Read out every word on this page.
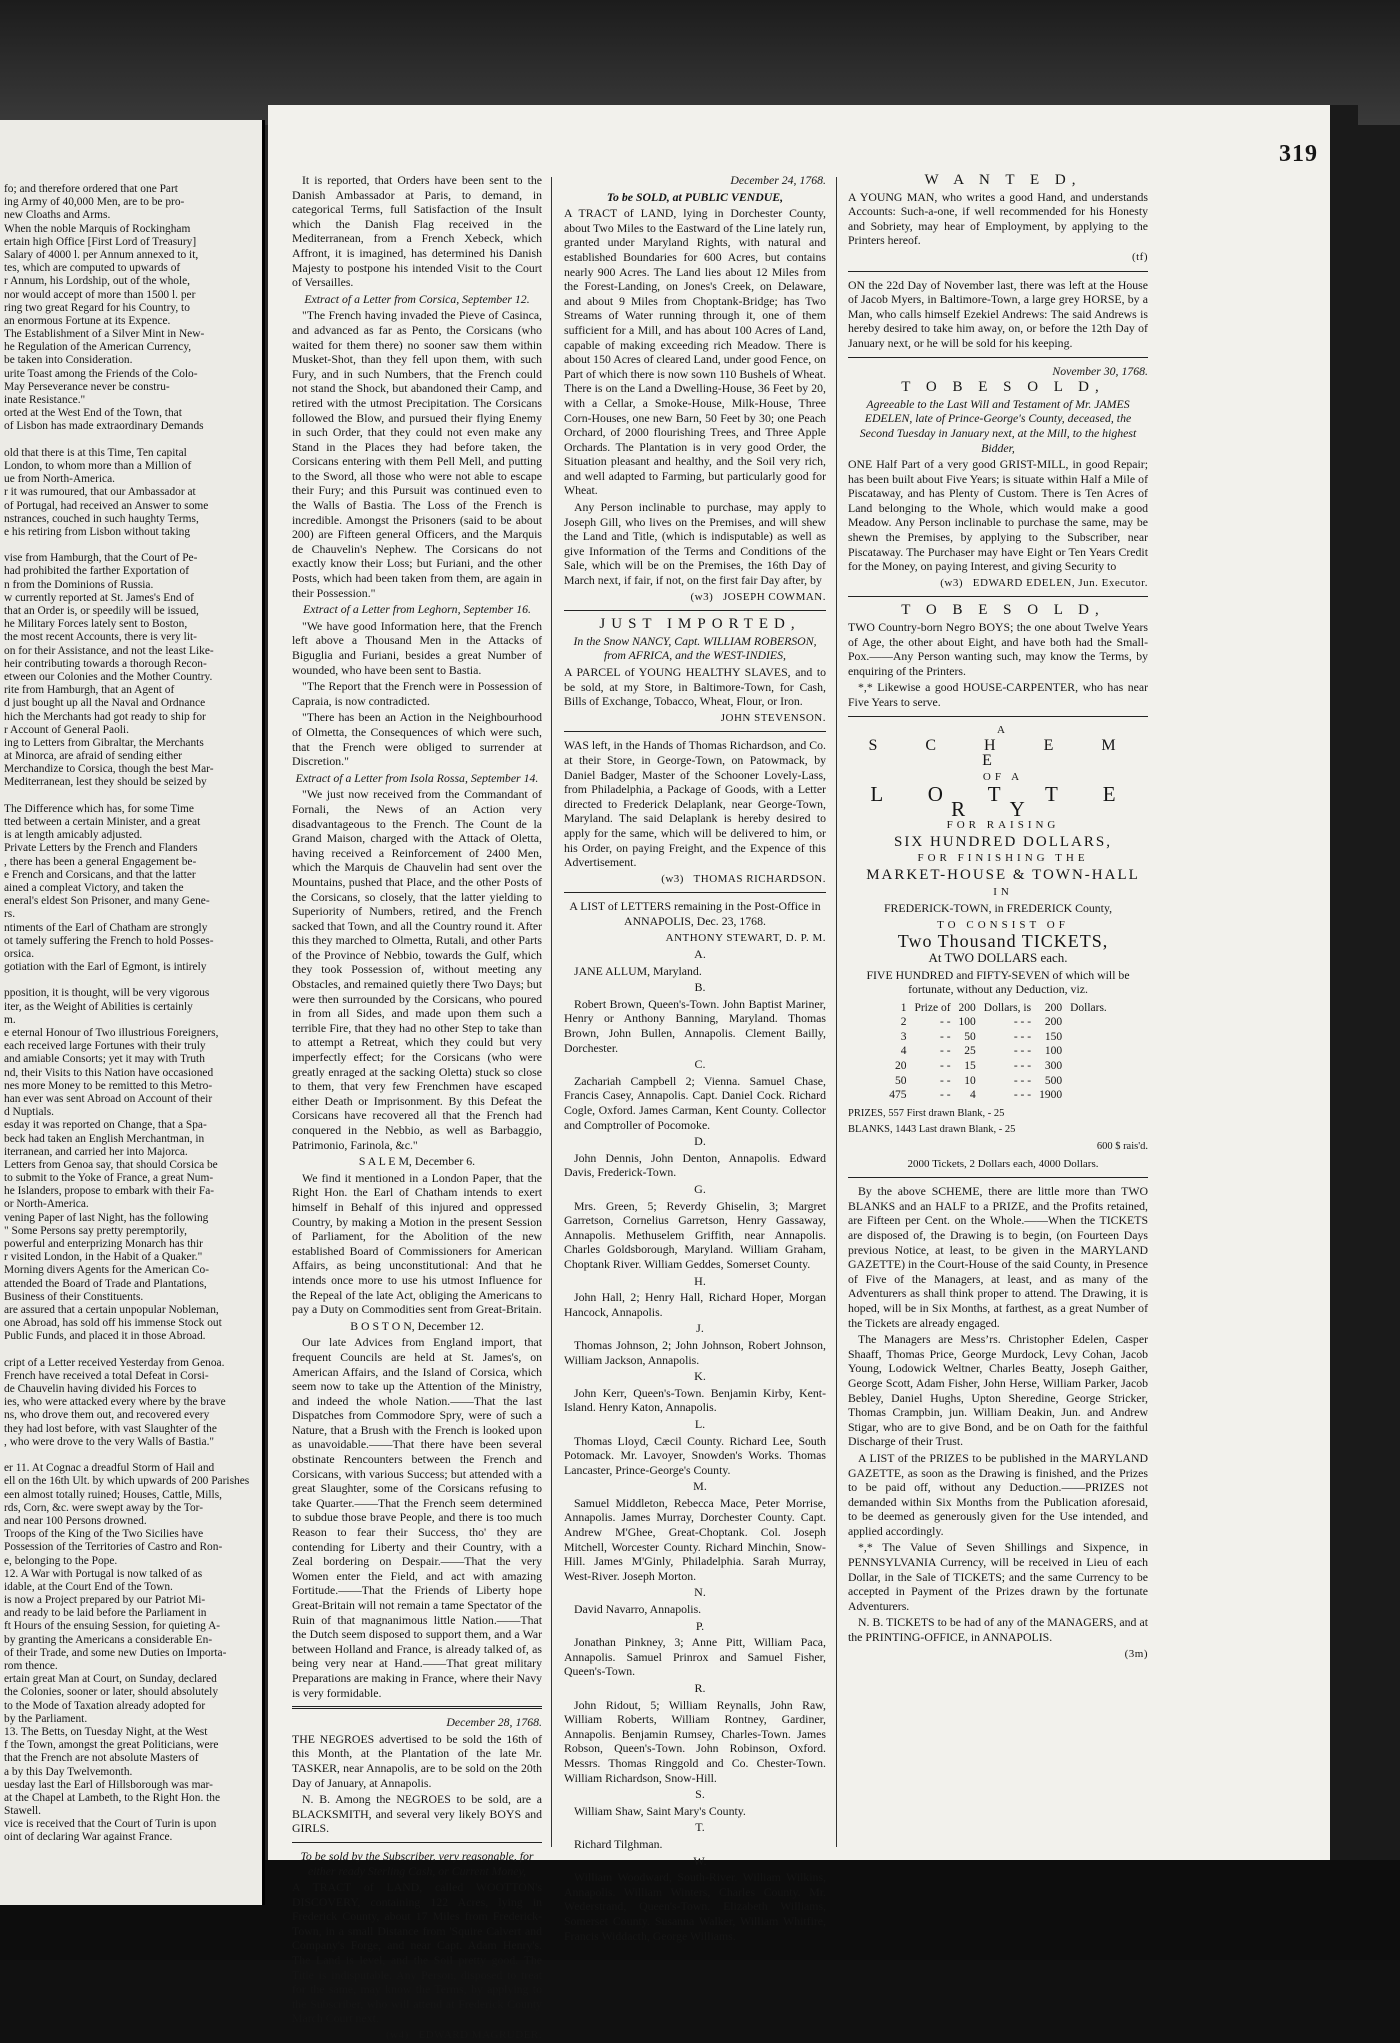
fo; and therefore ordered that one Part
ing Army of 40,000 Men, are to be pro-
new Cloaths and Arms.
When the noble Marquis of Rockingham
ertain high Office [First Lord of Treasury]
Salary of 4000 l. per Annum annexed to it,
tes, which are computed to upwards of
r Annum, his Lordship, out of the whole,
nor would accept of more than 1500 l. per
ring two great Regard for his Country, to
an enormous Fortune at its Expence.
The Establishment of a Silver Mint in New-
he Regulation of the American Currency,
be taken into Consideration.
urite Toast among the Friends of the Colo-
May Perseverance never be constru-
inate Resistance."
orted at the West End of the Town, that
of Lisbon has made extraordinary Demands
old that there is at this Time, Ten capital
London, to whom more than a Million of
ue from North-America.
r it was rumoured, that our Ambassador at
of Portugal, had received an Answer to some
nstrances, couched in such haughty Terms,
e his retiring from Lisbon without taking
vise from Hamburgh, that the Court of Pe-
had prohibited the farther Exportation of
n from the Dominions of Russia.
w currently reported at St. James's End of
that an Order is, or speedily will be issued,
he Military Forces lately sent to Boston,
the most recent Accounts, there is very lit-
on for their Assistance, and not the least Like-
heir contributing towards a thorough Recon-
etween our Colonies and the Mother Country.
rite from Hamburgh, that an Agent of
d just bought up all the Naval and Ordnance
hich the Merchants had got ready to ship for
r Account of General Paoli.
ing to Letters from Gibraltar, the Merchants
at Minorca, are afraid of sending either
Merchandize to Corsica, though the best Mar-
Mediterranean, lest they should be seized by
The Difference which has, for some Time
tted between a certain Minister, and a great
is at length amicably adjusted.
Private Letters by the French and Flanders
, there has been a general Engagement be-
e French and Corsicans, and that the latter
ained a compleat Victory, and taken the
eneral's eldest Son Prisoner, and many Gene-
rs.
ntiments of the Earl of Chatham are strongly
ot tamely suffering the French to hold Posses-
orsica.
gotiation with the Earl of Egmont, is intirely
pposition, it is thought, will be very vigorous
iter, as the Weight of Abilities is certainly
m.
e eternal Honour of Two illustrious Foreigners,
each received large Fortunes with their truly
and amiable Consorts; yet it may with Truth
nd, their Visits to this Nation have occasioned
nes more Money to be remitted to this Metro-
han ever was sent Abroad on Account of their
d Nuptials.
esday it was reported on Change, that a Spa-
beck had taken an English Merchantman, in
iterranean, and carried her into Majorca.
Letters from Genoa say, that should Corsica be
to submit to the Yoke of France, a great Num-
he Islanders, propose to embark with their Fa-
or North-America.
vening Paper of last Night, has the following
" Some Persons say pretty peremptorily,
powerful and enterprizing Monarch has thir
r visited London, in the Habit of a Quaker."
Morning divers Agents for the American Co-
attended the Board of Trade and Plantations,
Business of their Constituents.
are assured that a certain unpopular Nobleman,
one Abroad, has sold off his immense Stock out
Public Funds, and placed it in those Abroad.
cript of a Letter received Yesterday from Genoa.
French have received a total Defeat in Corsi-
de Chauvelin having divided his Forces to
ies, who were attacked every where by the brave
ns, who drove them out, and recovered every
they had lost before, with vast Slaughter of the
, who were drove to the very Walls of Bastia."
er 11. At Cognac a dreadful Storm of Hail and
ell on the 16th Ult. by which upwards of 200 Parishes
een almost totally ruined; Houses, Cattle, Mills,
rds, Corn, &c. were swept away by the Tor-
and near 100 Persons drowned.
Troops of the King of the Two Sicilies have
Possession of the Territories of Castro and Ron-
e, belonging to the Pope.
12. A War with Portugal is now talked of as
idable, at the Court End of the Town.
is now a Project prepared by our Patriot Mi-
and ready to be laid before the Parliament in
ft Hours of the ensuing Session, for quieting A-
by granting the Americans a considerable En-
of their Trade, and some new Duties on Importa-
rom thence.
ertain great Man at Court, on Sunday, declared
the Colonies, sooner or later, should absolutely
to the Mode of Taxation already adopted for
by the Parliament.
13. The Betts, on Tuesday Night, at the West
f the Town, amongst the great Politicians, were
that the French are not absolute Masters of
a by this Day Twelvemonth.
uesday last the Earl of Hillsborough was mar-
at the Chapel at Lambeth, to the Right Hon. the
Stawell.
vice is received that the Court of Turin is upon
oint of declaring War against France.
319

It is reported, that Orders have been sent to the Danish Ambassador at Paris, to demand, in categorical Terms, full Satisfaction of the Insult which the Danish Flag received in the Mediterranean, from a French Xebeck, which Affront, it is imagined, has determined his Danish Majesty to postpone his intended Visit to the Court of Versailles.

Extract of a Letter from Corsica, September 12.

"The French having invaded the Pieve of Casinca, and advanced as far as Pento, the Corsicans (who waited for them there) no sooner saw them within Musket-Shot, than they fell upon them, with such Fury, and in such Numbers, that the French could not stand the Shock, but abandoned their Camp, and retired with the utmost Precipitation. The Corsicans followed the Blow, and pursued their flying Enemy in such Order, that they could not even make any Stand in the Places they had before taken, the Corsicans entering with them Pell Mell, and putting to the Sword, all those who were not able to escape their Fury; and this Pursuit was continued even to the Walls of Bastia. The Loss of the French is incredible. Amongst the Prisoners (said to be about 200) are Fifteen general Officers, and the Marquis de Chauvelin's Nephew. The Corsicans do not exactly know their Loss; but Furiani, and the other Posts, which had been taken from them, are again in their Possession."

Extract of a Letter from Leghorn, September 16.

"We have good Information here, that the French left above a Thousand Men in the Attacks of Biguglia and Furiani, besides a great Number of wounded, who have been sent to Bastia.

"The Report that the French were in Possession of Capraia, is now contradicted.

"There has been an Action in the Neighbourhood of Olmetta, the Consequences of which were such, that the French were obliged to surrender at Discretion."

Extract of a Letter from Isola Rossa, September 14.

"We just now received from the Commandant of Fornali, the News of an Action very disadvantageous to the French. The Count de la Grand Maison, charged with the Attack of Oletta, having received a Reinforcement of 2400 Men, which the Marquis de Chauvelin had sent over the Mountains, pushed that Place, and the other Posts of the Corsicans, so closely, that the latter yielding to Superiority of Numbers, retired, and the French sacked that Town, and all the Country round it. After this they marched to Olmetta, Rutali, and other Parts of the Province of Nebbio, towards the Gulf, which they took Possession of, without meeting any Obstacles, and remained quietly there Two Days; but were then surrounded by the Corsicans, who poured in from all Sides, and made upon them such a terrible Fire, that they had no other Step to take than to attempt a Retreat, which they could but very imperfectly effect; for the Corsicans (who were greatly enraged at the sacking Oletta) stuck so close to them, that very few Frenchmen have escaped either Death or Imprisonment. By this Defeat the Corsicans have recovered all that the French had conquered in the Nebbio, as well as Barbaggio, Patrimonio, Farinola, &c."

S A L E M, December 6.

We find it mentioned in a London Paper, that the Right Hon. the Earl of Chatham intends to exert himself in Behalf of this injured and oppressed Country, by making a Motion in the present Session of Parliament, for the Abolition of the new established Board of Commissioners for American Affairs, as being unconstitutional: And that he intends once more to use his utmost Influence for the Repeal of the late Act, obliging the Americans to pay a Duty on Commodities sent from Great-Britain.

B O S T O N, December 12.

Our late Advices from England import, that frequent Councils are held at St. James's, on American Affairs, and the Island of Corsica, which seem now to take up the Attention of the Ministry, and indeed the whole Nation.——That the last Dispatches from Commodore Spry, were of such a Nature, that a Brush with the French is looked upon as unavoidable.——That there have been several obstinate Rencounters between the French and Corsicans, with various Success; but attended with a great Slaughter, some of the Corsicans refusing to take Quarter.——That the French seem determined to subdue those brave People, and there is too much Reason to fear their Success, tho' they are contending for Liberty and their Country, with a Zeal bordering on Despair.——That the very Women enter the Field, and act with amazing Fortitude.——That the Friends of Liberty hope Great-Britain will not remain a tame Spectator of the Ruin of that magnanimous little Nation.——That the Dutch seem disposed to support them, and a War between Holland and France, is already talked of, as being very near at Hand.——That great military Preparations are making in France, where their Navy is very formidable.

December 28, 1768.

THE NEGROES advertised to be sold the 16th of this Month, at the Plantation of the late Mr. TASKER, near Annapolis, are to be sold on the 20th Day of January, at Annapolis.

N. B. Among the NEGROES to be sold, are a BLACKSMITH, and several very likely BOYS and GIRLS.

To be sold by the Subscriber, very reasonable, for either ready Sterling Cash, or Current Money,

A TRACT of LAND, called WOOTTON's DISCOVERY, containing 122 Acres, lying in Frederick County, about 17 Miles from Frederick-Town, in a small Distance from 'Squire Calvert and Company's Forge, and near Capt. Adam Henry's. The Land is level, and the Soil pretty good. The Title is indisputable. Any Person, disposed to treat for the same, may know the Terms, by applying to the Subscriber, who will attend at Frederick County March Court next.

(w4) EDWARD MAGRUDER.

December 24, 1768.

To be SOLD, at PUBLIC VENDUE,

A TRACT of LAND, lying in Dorchester County, about Two Miles to the Eastward of the Line lately run, granted under Maryland Rights, with natural and established Boundaries for 600 Acres, but contains nearly 900 Acres. The Land lies about 12 Miles from the Forest-Landing, on Jones's Creek, on Delaware, and about 9 Miles from Choptank-Bridge; has Two Streams of Water running through it, one of them sufficient for a Mill, and has about 100 Acres of Land, capable of making exceeding rich Meadow. There is about 150 Acres of cleared Land, under good Fence, on Part of which there is now sown 110 Bushels of Wheat. There is on the Land a Dwelling-House, 36 Feet by 20, with a Cellar, a Smoke-House, Milk-House, Three Corn-Houses, one new Barn, 50 Feet by 30; one Peach Orchard, of 2000 flourishing Trees, and Three Apple Orchards. The Plantation is in very good Order, the Situation pleasant and healthy, and the Soil very rich, and well adapted to Farming, but particularly good for Wheat.

Any Person inclinable to purchase, may apply to Joseph Gill, who lives on the Premises, and will shew the Land and Title, (which is indisputable) as well as give Information of the Terms and Conditions of the Sale, which will be on the Premises, the 16th Day of March next, if fair, if not, on the first fair Day after, by

(w3) JOSEPH COWMAN.

JUST IMPORTED,

In the Snow NANCY, Capt. WILLIAM ROBERSON, from AFRICA, and the WEST-INDIES,

A PARCEL of YOUNG HEALTHY SLAVES, and to be sold, at my Store, in Baltimore-Town, for Cash, Bills of Exchange, Tobacco, Wheat, Flour, or Iron.

JOHN STEVENSON.

WAS left, in the Hands of Thomas Richardson, and Co. at their Store, in George-Town, on Patowmack, by Daniel Badger, Master of the Schooner Lovely-Lass, from Philadelphia, a Package of Goods, with a Letter directed to Frederick Delaplank, near George-Town, Maryland. The said Delaplank is hereby desired to apply for the same, which will be delivered to him, or his Order, on paying Freight, and the Expence of this Advertisement.

(w3) THOMAS RICHARDSON.

A LIST of LETTERS remaining in the Post-Office in ANNAPOLIS, Dec. 23, 1768.

ANTHONY STEWART, D. P. M.

A.

JANE ALLUM, Maryland.

B.

Robert Brown, Queen's-Town. John Baptist Mariner, Henry or Anthony Banning, Maryland. Thomas Brown, John Bullen, Annapolis. Clement Bailly, Dorchester.

C.

Zachariah Campbell 2; Vienna. Samuel Chase, Francis Casey, Annapolis. Capt. Daniel Cock. Richard Cogle, Oxford. James Carman, Kent County. Collector and Comptroller of Pocomoke.

D.

John Dennis, John Denton, Annapolis. Edward Davis, Frederick-Town.

G.

Mrs. Green, 5; Reverdy Ghiselin, 3; Margret Garretson, Cornelius Garretson, Henry Gassaway, Annapolis. Methuselem Griffith, near Annapolis. Charles Goldsborough, Maryland. William Graham, Choptank River. William Geddes, Somerset County.

H.

John Hall, 2; Henry Hall, Richard Hoper, Morgan Hancock, Annapolis.

J.

Thomas Johnson, 2; John Johnson, Robert Johnson, William Jackson, Annapolis.

K.

John Kerr, Queen's-Town. Benjamin Kirby, Kent-Island. Henry Katon, Annapolis.

L.

Thomas Lloyd, Cæcil County. Richard Lee, South Potomack. Mr. Lavoyer, Snowden's Works. Thomas Lancaster, Prince-George's County.

M.

Samuel Middleton, Rebecca Mace, Peter Morrise, Annapolis. James Murray, Dorchester County. Capt. Andrew M'Ghee, Great-Choptank. Col. Joseph Mitchell, Worcester County. Richard Minchin, Snow-Hill. James M'Ginly, Philadelphia. Sarah Murray, West-River. Joseph Morton.

N.

David Navarro, Annapolis.

P.

Jonathan Pinkney, 3; Anne Pitt, William Paca, Annapolis. Samuel Prinrox and Samuel Fisher, Queen's-Town.

R.

John Ridout, 5; William Reynalls, John Raw, William Roberts, William Rontney, Gardiner, Annapolis. Benjamin Rumsey, Charles-Town. James Robson, Queen's-Town. John Robinson, Oxford. Messrs. Thomas Ringgold and Co. Chester-Town. William Richardson, Snow-Hill.

S.

William Shaw, Saint Mary's County.

T.

Richard Tilghman.

W.

William Woodward, South-River. William Wilkins, Annapolis. William Winters, Charles County. Mr. Wederstrand, Queen's-Town. Elizabeth Williams, Somerset County. Susanna Walker, William Whitfire, Francis Widdacth, George Williams.

W A N T E D,

A YOUNG MAN, who writes a good Hand, and understands Accounts: Such-a-one, if well recommended for his Honesty and Sobriety, may hear of Employment, by applying to the Printers hereof.

(tf)

ON the 22d Day of November last, there was left at the House of Jacob Myers, in Baltimore-Town, a large grey HORSE, by a Man, who calls himself Ezekiel Andrews: The said Andrews is hereby desired to take him away, on, or before the 12th Day of January next, or he will be sold for his keeping.

November 30, 1768.

T O B E S O L D,

Agreeable to the Last Will and Testament of Mr. JAMES EDELEN, late of Prince-George's County, deceased, the Second Tuesday in January next, at the Mill, to the highest Bidder,

ONE Half Part of a very good GRIST-MILL, in good Repair; has been built about Five Years; is situate within Half a Mile of Piscataway, and has Plenty of Custom. There is Ten Acres of Land belonging to the Whole, which would make a good Meadow. Any Person inclinable to purchase the same, may be shewn the Premises, by applying to the Subscriber, near Piscataway. The Purchaser may have Eight or Ten Years Credit for the Money, on paying Interest, and giving Security to

(w3) EDWARD EDELEN, Jun. Executor.

T O B E S O L D,

TWO Country-born Negro BOYS; the one about Twelve Years of Age, the other about Eight, and have both had the Small-Pox.——Any Person wanting such, may know the Terms, by enquiring of the Printers.

*,* Likewise a good HOUSE-CARPENTER, who has near Five Years to serve.

A

S C H E M E

OF A

L O T T E R Y

FOR RAISING

SIX HUNDRED DOLLARS,

FOR FINISHING THE

MARKET-HOUSE & TOWN-HALL

IN

FREDERICK-TOWN, in FREDERICK County,

TO CONSIST OF

Two Thousand TICKETS,

At TWO DOLLARS each.

FIVE HUNDRED and FIFTY-SEVEN of which will be fortunate, without any Deduction, viz.

1	Prize of	200	Dollars, is	200	Dollars.
2	- -	100	- - -	200	
3	- -	50	- - -	150	
4	- -	25	- - -	100	
20	- -	15	- - -	300	
50	- -	10	- - -	500	
475	- -	4	- - -	1900	

PRIZES, 557 First drawn Blank, - 25

BLANKS, 1443 Last drawn Blank, - 25

600 $ rais'd.

2000 Tickets, 2 Dollars each, 4000 Dollars.

By the above SCHEME, there are little more than TWO BLANKS and an HALF to a PRIZE, and the Profits retained, are Fifteen per Cent. on the Whole.——When the TICKETS are disposed of, the Drawing is to begin, (on Fourteen Days previous Notice, at least, to be given in the MARYLAND GAZETTE) in the Court-House of the said County, in Presence of Five of the Managers, at least, and as many of the Adventurers as shall think proper to attend. The Drawing, it is hoped, will be in Six Months, at farthest, as a great Number of the Tickets are already engaged.

The Managers are Mess’rs. Christopher Edelen, Casper Shaaff, Thomas Price, George Murdock, Levy Cohan, Jacob Young, Lodowick Weltner, Charles Beatty, Joseph Gaither, George Scott, Adam Fisher, John Herse, William Parker, Jacob Bebley, Daniel Hughs, Upton Sheredine, George Stricker, Thomas Crampbin, jun. William Deakin, Jun. and Andrew Stigar, who are to give Bond, and be on Oath for the faithful Discharge of their Trust.

A LIST of the PRIZES to be published in the MARYLAND GAZETTE, as soon as the Drawing is finished, and the Prizes to be paid off, without any Deduction.——PRIZES not demanded within Six Months from the Publication aforesaid, to be deemed as generously given for the Use intended, and applied accordingly.

*,* The Value of Seven Shillings and Sixpence, in PENNSYLVANIA Currency, will be received in Lieu of each Dollar, in the Sale of TICKETS; and the same Currency to be accepted in Payment of the Prizes drawn by the fortunate Adventurers.

N. B. TICKETS to be had of any of the MANAGERS, and at the PRINTING-OFFICE, in ANNAPOLIS.

(3m)
